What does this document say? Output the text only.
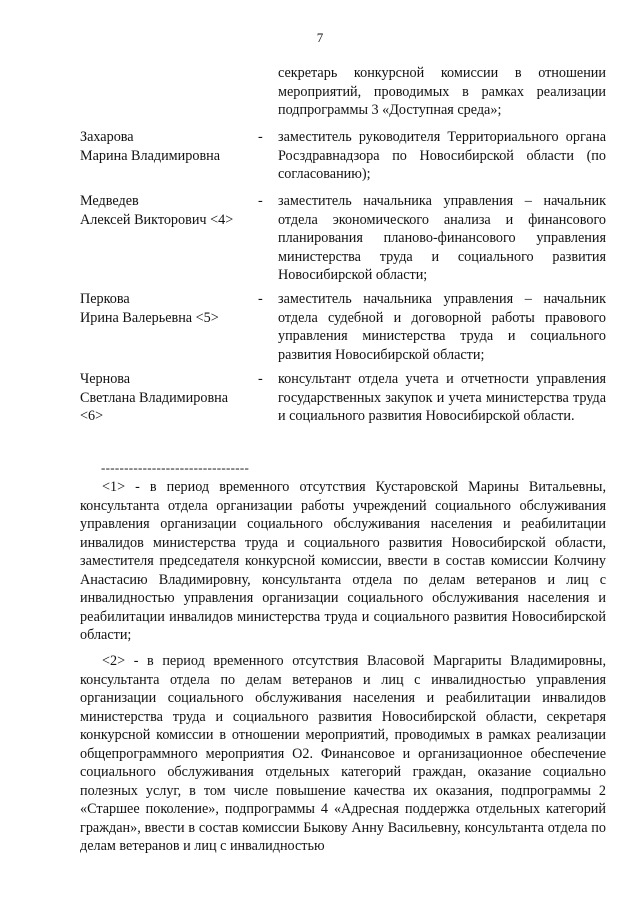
7
секретарь конкурсной комиссии в отношении мероприятий, проводимых в рамках реализации подпрограммы 3 «Доступная среда»;
Захарова
Марина Владимировна
-	заместитель руководителя Территориального органа Росздравнадзора по Новосибирской области (по согласованию);
Медведев
Алексей Викторович <4>
-	заместитель начальника управления – начальник отдела экономического анализа и финансового планирования планово-финансового управления министерства труда и социального развития Новосибирской области;
Перкова
Ирина Валерьевна <5>
-	заместитель начальника управления – начальник отдела судебной и договорной работы правового управления министерства труда и социального развития Новосибирской области;
Чернова
Светлана Владимировна
<6>
-	консультант отдела учета и отчетности управления государственных закупок и учета министерства труда и социального развития Новосибирской области.
--------------------------------

<1> - в период временного отсутствия Кустаровской Марины Витальевны, консультанта отдела организации работы учреждений социального обслуживания управления организации социального обслуживания населения и реабилитации инвалидов министерства труда и социального развития Новосибирской области, заместителя председателя конкурсной комиссии, ввести в состав комиссии Колчину Анастасию Владимировну, консультанта отдела по делам ветеранов и лиц с инвалидностью управления организации социального обслуживания населения и реабилитации инвалидов министерства труда и социального развития Новосибирской области;

<2> - в период временного отсутствия Власовой Маргариты Владимировны, консультанта отдела по делам ветеранов и лиц с инвалидностью управления организации социального обслуживания населения и реабилитации инвалидов министерства труда и социального развития Новосибирской области, секретаря конкурсной комиссии в отношении мероприятий, проводимых в рамках реализации общепрограммного мероприятия О2. Финансовое и организационное обеспечение социального обслуживания отдельных категорий граждан, оказание социально полезных услуг, в том числе повышение качества их оказания, подпрограммы 2 «Старшее поколение», подпрограммы 4 «Адресная поддержка отдельных категорий граждан», ввести в состав комиссии Быкову Анну Васильевну, консультанта отдела по делам ветеранов и лиц с инвалидностью
